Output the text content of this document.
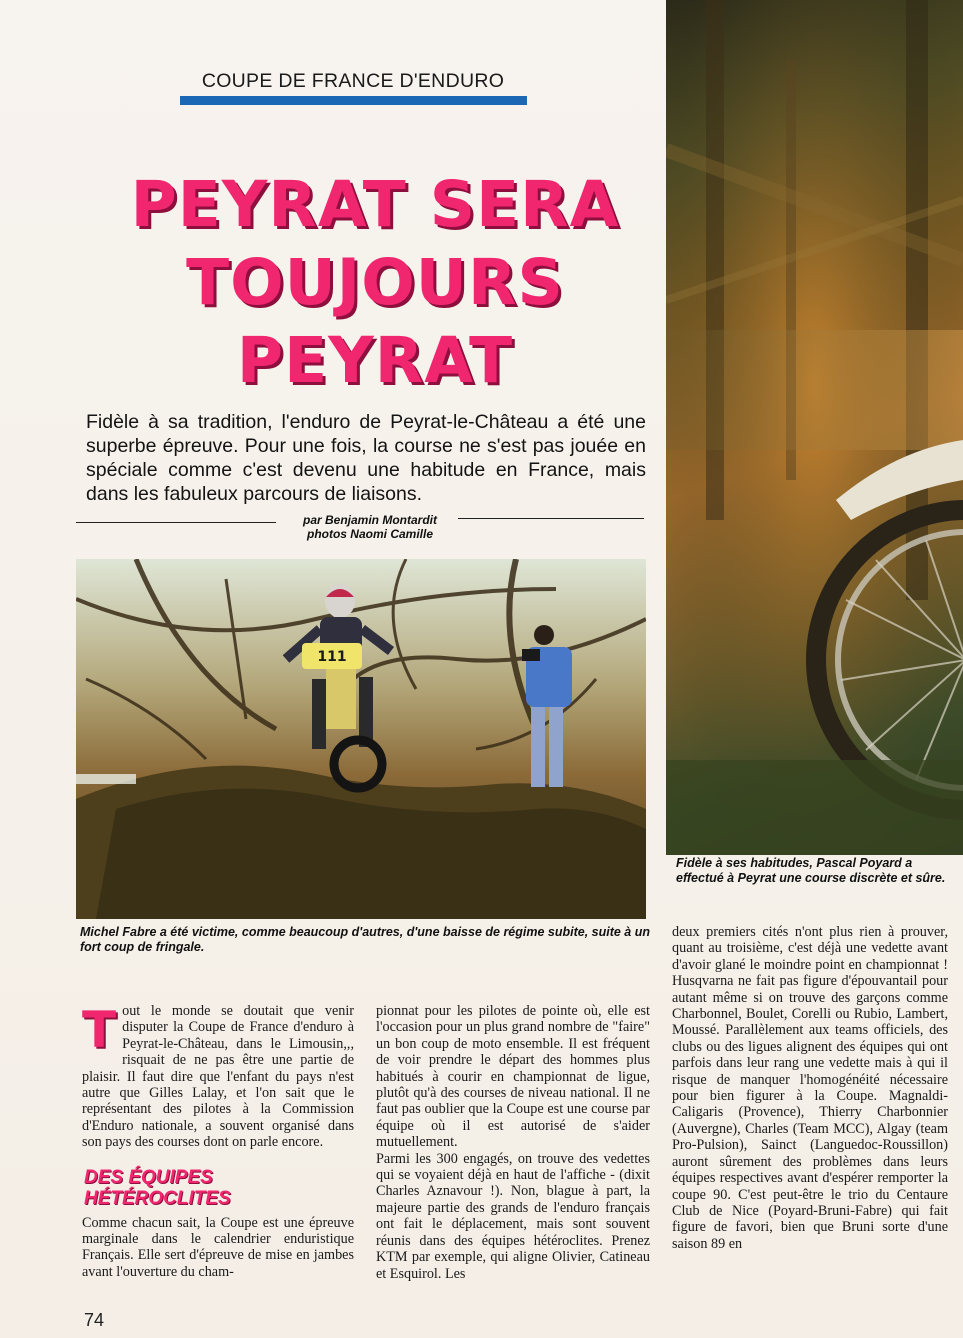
Fidèle à ses habitudes, Pascal Poyard a effectué à Peyrat une course discrète et sûre.
COUPE DE FRANCE D'ENDURO
PEYRAT SERA
TOUJOURS
PEYRAT

Fidèle à sa tradition, l'enduro de Peyrat-le-Château a été une superbe épreuve. Pour une fois, la course ne s'est pas jouée en spéciale comme c'est devenu une habitude en France, mais dans les fabuleux parcours de liaisons.

par Benjamin Montardit
photos Naomi Camille
111

Michel Fabre a été victime, comme beaucoup d'autres, d'une baisse de régime subite, suite à un fort coup de fringale.

Tout le monde se doutait que venir disputer la Coupe de France d'enduro à Peyrat-le-Château, dans le Limousin,,, risquait de ne pas être une partie de plaisir. Il faut dire que l'enfant du pays n'est autre que Gilles Lalay, et l'on sait que le représentant des pilotes à la Commission d'Enduro nationale, a souvent organisé dans son pays des courses dont on parle encore.

DES ÉQUIPES HÉTÉROCLITES

Comme chacun sait, la Coupe est une épreuve marginale dans le calendrier enduristique Français. Elle sert d'épreuve de mise en jambes avant l'ouverture du cham-

pionnat pour les pilotes de pointe où, elle est l'occasion pour un plus grand nombre de "faire" un bon coup de moto ensemble. Il est fréquent de voir prendre le départ des hommes plus habitués à courir en championnat de ligue, plutôt qu'à des courses de niveau national. Il ne faut pas oublier que la Coupe est une course par équipe où il est autorisé de s'aider mutuellement.

Parmi les 300 engagés, on trouve des vedettes qui se voyaient déjà en haut de l'affiche - (dixit Charles Aznavour !). Non, blague à part, la majeure partie des grands de l'enduro français ont fait le déplacement, mais sont souvent réunis dans des équipes hétéroclites. Prenez KTM par exemple, qui aligne Olivier, Catineau et Esquirol. Les

deux premiers cités n'ont plus rien à prouver, quant au troisième, c'est déjà une vedette avant d'avoir glané le moindre point en championnat ! Husqvarna ne fait pas figure d'épouvantail pour autant même si on trouve des garçons comme Charbonnel, Boulet, Corelli ou Rubio, Lambert, Moussé. Parallèlement aux teams officiels, des clubs ou des ligues alignent des équipes qui ont parfois dans leur rang une vedette mais à qui il risque de manquer l'homogénéité nécessaire pour bien figurer à la Coupe. Magnaldi-Caligaris (Provence), Thierry Charbonnier (Auvergne), Charles (Team MCC), Algay (team Pro-Pulsion), Sainct (Languedoc-Roussillon) auront sûrement des problèmes dans leurs équipes respectives avant d'espérer remporter la coupe 90. C'est peut-être le trio du Centaure Club de Nice (Poyard-Bruni-Fabre) qui fait figure de favori, bien que Bruni sorte d'une saison 89 en

74
